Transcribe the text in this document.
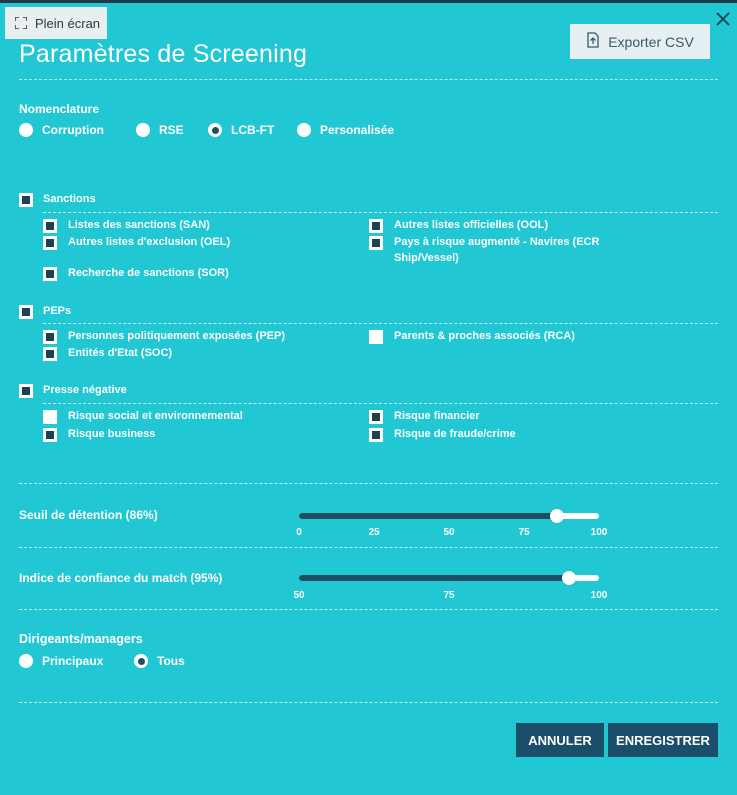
Plein écran
Paramètres de Screening	Exporter CSV
Nomenclature
Corruption	RSE	LCB-FT	Personalisée
Sanctions
Listes des sanctions (SAN)	Autres listes officielles (OOL)
Autres listes d'exclusion (OEL)	Pays à risque augmenté - Navires (ECR Ship/Vessel)
Recherche de sanctions (SOR)
PEPs
Personnes politiquement exposées (PEP)	Parents & proches associés (RCA)
Entités d'Etat (SOC)
Presse négative
Risque social et environnemental	Risque financier
Risque business	Risque de fraude/crime
Seuil de détention (86%)
0	25	50	75	100
Indice de confiance du match (95%)
50	75	100
Dirigeants/managers
Principaux	Tous
ANNULER	ENREGISTRER
